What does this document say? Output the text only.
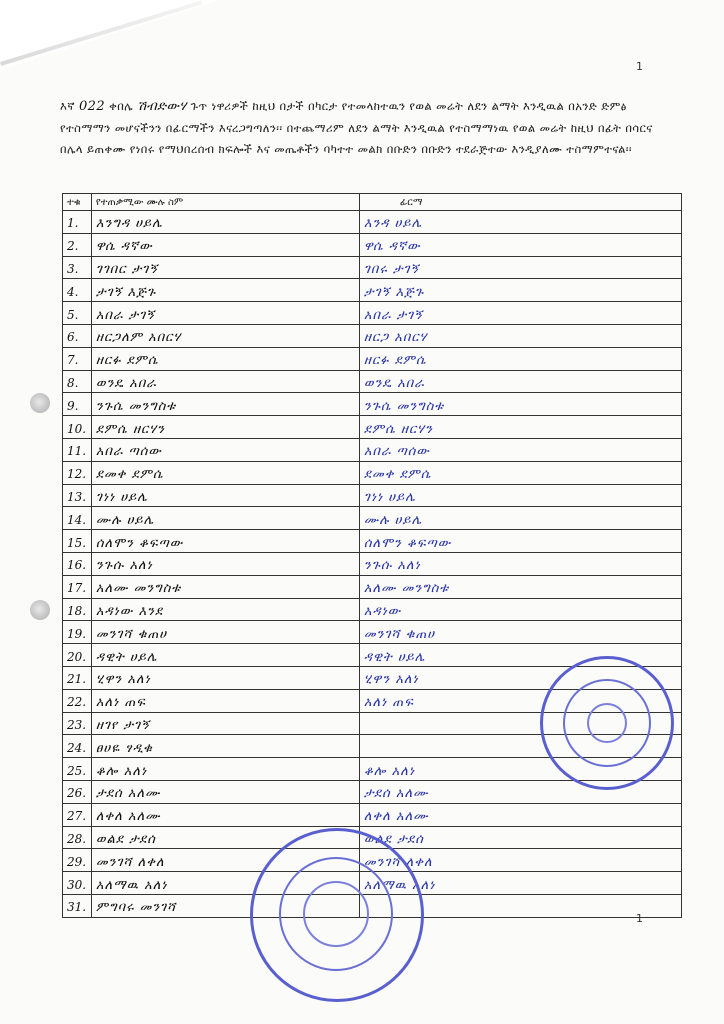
1
1
እኛ 022 ቀበሌ ሽብድውሃ ጉጥ ነዋሪዎች ከዚህ በታች በካርታ የተመላከተዉን የወል መሬት ለደን ልማት እንዲዉል በአንድ ድምፅ የተስማማን መሆናችንን በፊርማችን እናረጋግጣለን፡፡ በተጨማሪም ለደን ልማት እንዲዉል የተስማማነዉ የወል መሬት ከዚህ በፊት በሳርና በሌላ ይጠቀሙ የነበሩ የማህበረሰብ ክፍሎች እና መጤቶችን ባካተተ መልክ በቡድን በቡድን ተደራጅተው እንዲያለሙ ተስማምተናል፡፡
ተቁ	የተጠቃሚው ሙሉ ስም	ፊርማ
1.	እንግዳ ሀይሌ	እንዳ ሀይሌ
2.	ዋሴ ዳኛው	ዋሴ ዳኛው
3.	ገገበር ታገኝ	ገበሩ ታገኝ
4.	ታገኝ እጅጉ	ታገኝ እጅጉ
5.	አበራ ታገኝ	አበራ ታገኝ
6.	ዘርጋለም አበርሃ	ዘርጋ አበርሃ
7.	ዘርፉ ደምሴ	ዘርፉ ደምሴ
8.	ወንዴ አበራ	ወንዴ አበራ
9.	ንጉሴ መንግስቱ	ንጉሴ መንግስቱ
10.	ደምሴ ዘርሃን	ደምሴ ዘርሃን
11.	አበራ ጣሰው	አበራ ጣሰው
12.	ደመቀ ደምሴ	ደመቀ ደምሴ
13.	ገነነ ሀይሌ	ገነነ ሀይሌ
14.	ሙሉ ሀይሌ	ሙሉ ሀይሌ
15.	ሰለሞን ቆፍጣው	ሰለሞን ቆፍጣው
16.	ንጉሱ አለነ	ንጉሱ አለነ
17.	አለሙ መንግስቱ	አለሙ መንግስቱ
18.	አዳነው እንደ	አዳነው
19.	መንገሻ ቁጠሀ	መንገሻ ቁጠሀ
20.	ዳዊት ሀይሌ	ዳዊት ሀይሌ
21.	ሂዋን አለነ	ሂዋን አለነ
22.	አለነ ጠፍ	አለነ ጠፍ
23.	ዘገየ ታገኝ	
24.	ፀሀዬ ፃዲቁ	
25.	ቆሎ አለነ	ቆሎ አለነ
26.	ታደሰ አለሙ	ታደሰ አለሙ
27.	ለቀለ አለሙ	ለቀለ አለሙ
28.	ወልደ ታደሰ	ወልደ ታደሰ
29.	መንገሻ ለቀለ	መንገሻ ለቀለ
30.	አለማዉ አለነ	አለማዉ አለነ
31.	ምግባሩ መንገሻ	
